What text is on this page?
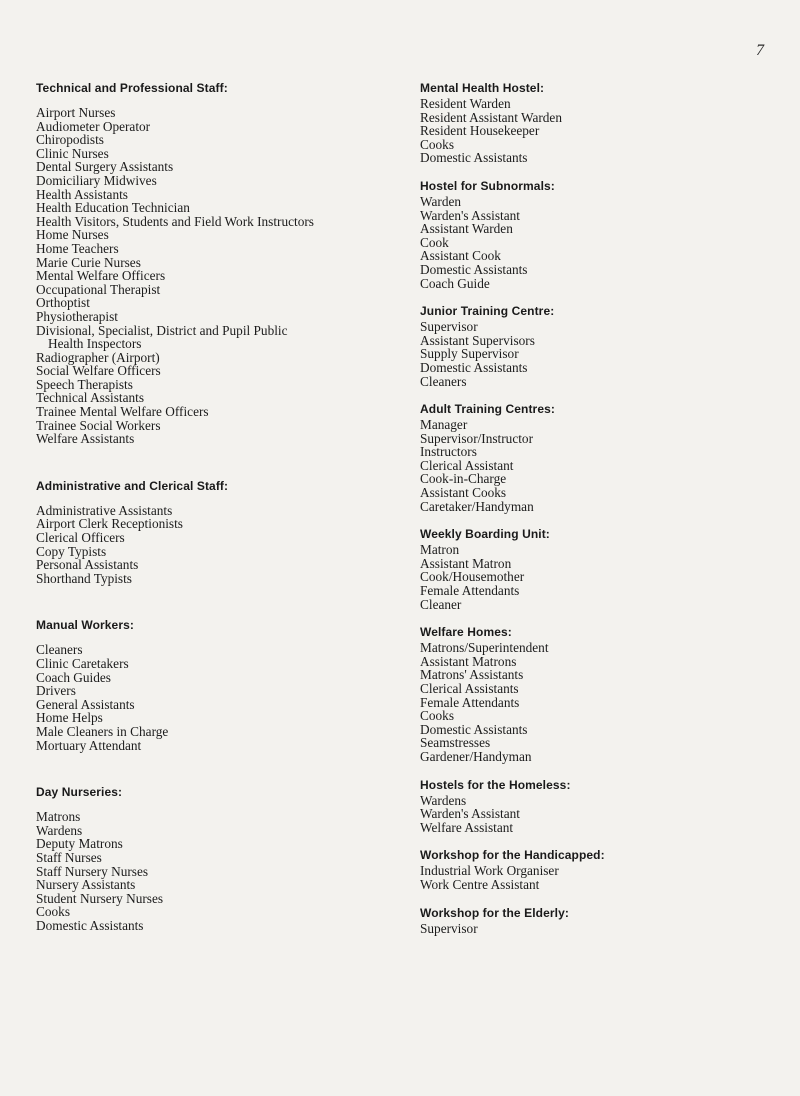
7
Technical and Professional Staff:
Airport Nurses
Audiometer Operator
Chiropodists
Clinic Nurses
Dental Surgery Assistants
Domiciliary Midwives
Health Assistants
Health Education Technician
Health Visitors, Students and Field Work Instructors
Home Nurses
Home Teachers
Marie Curie Nurses
Mental Welfare Officers
Occupational Therapist
Orthoptist
Physiotherapist
Divisional, Specialist, District and Pupil Public
Health Inspectors
Radiographer (Airport)
Social Welfare Officers
Speech Therapists
Technical Assistants
Trainee Mental Welfare Officers
Trainee Social Workers
Welfare Assistants
Administrative and Clerical Staff:
Administrative Assistants
Airport Clerk Receptionists
Clerical Officers
Copy Typists
Personal Assistants
Shorthand Typists
Manual Workers:
Cleaners
Clinic Caretakers
Coach Guides
Drivers
General Assistants
Home Helps
Male Cleaners in Charge
Mortuary Attendant
Day Nurseries:
Matrons
Wardens
Deputy Matrons
Staff Nurses
Staff Nursery Nurses
Nursery Assistants
Student Nursery Nurses
Cooks
Domestic Assistants
Mental Health Hostel:
Resident Warden
Resident Assistant Warden
Resident Housekeeper
Cooks
Domestic Assistants
Hostel for Subnormals:
Warden
Warden's Assistant
Assistant Warden
Cook
Assistant Cook
Domestic Assistants
Coach Guide
Junior Training Centre:
Supervisor
Assistant Supervisors
Supply Supervisor
Domestic Assistants
Cleaners
Adult Training Centres:
Manager
Supervisor/Instructor
Instructors
Clerical Assistant
Cook-in-Charge
Assistant Cooks
Caretaker/Handyman
Weekly Boarding Unit:
Matron
Assistant Matron
Cook/Housemother
Female Attendants
Cleaner
Welfare Homes:
Matrons/Superintendent
Assistant Matrons
Matrons' Assistants
Clerical Assistants
Female Attendants
Cooks
Domestic Assistants
Seamstresses
Gardener/Handyman
Hostels for the Homeless:
Wardens
Warden's Assistant
Welfare Assistant
Workshop for the Handicapped:
Industrial Work Organiser
Work Centre Assistant
Workshop for the Elderly:
Supervisor
